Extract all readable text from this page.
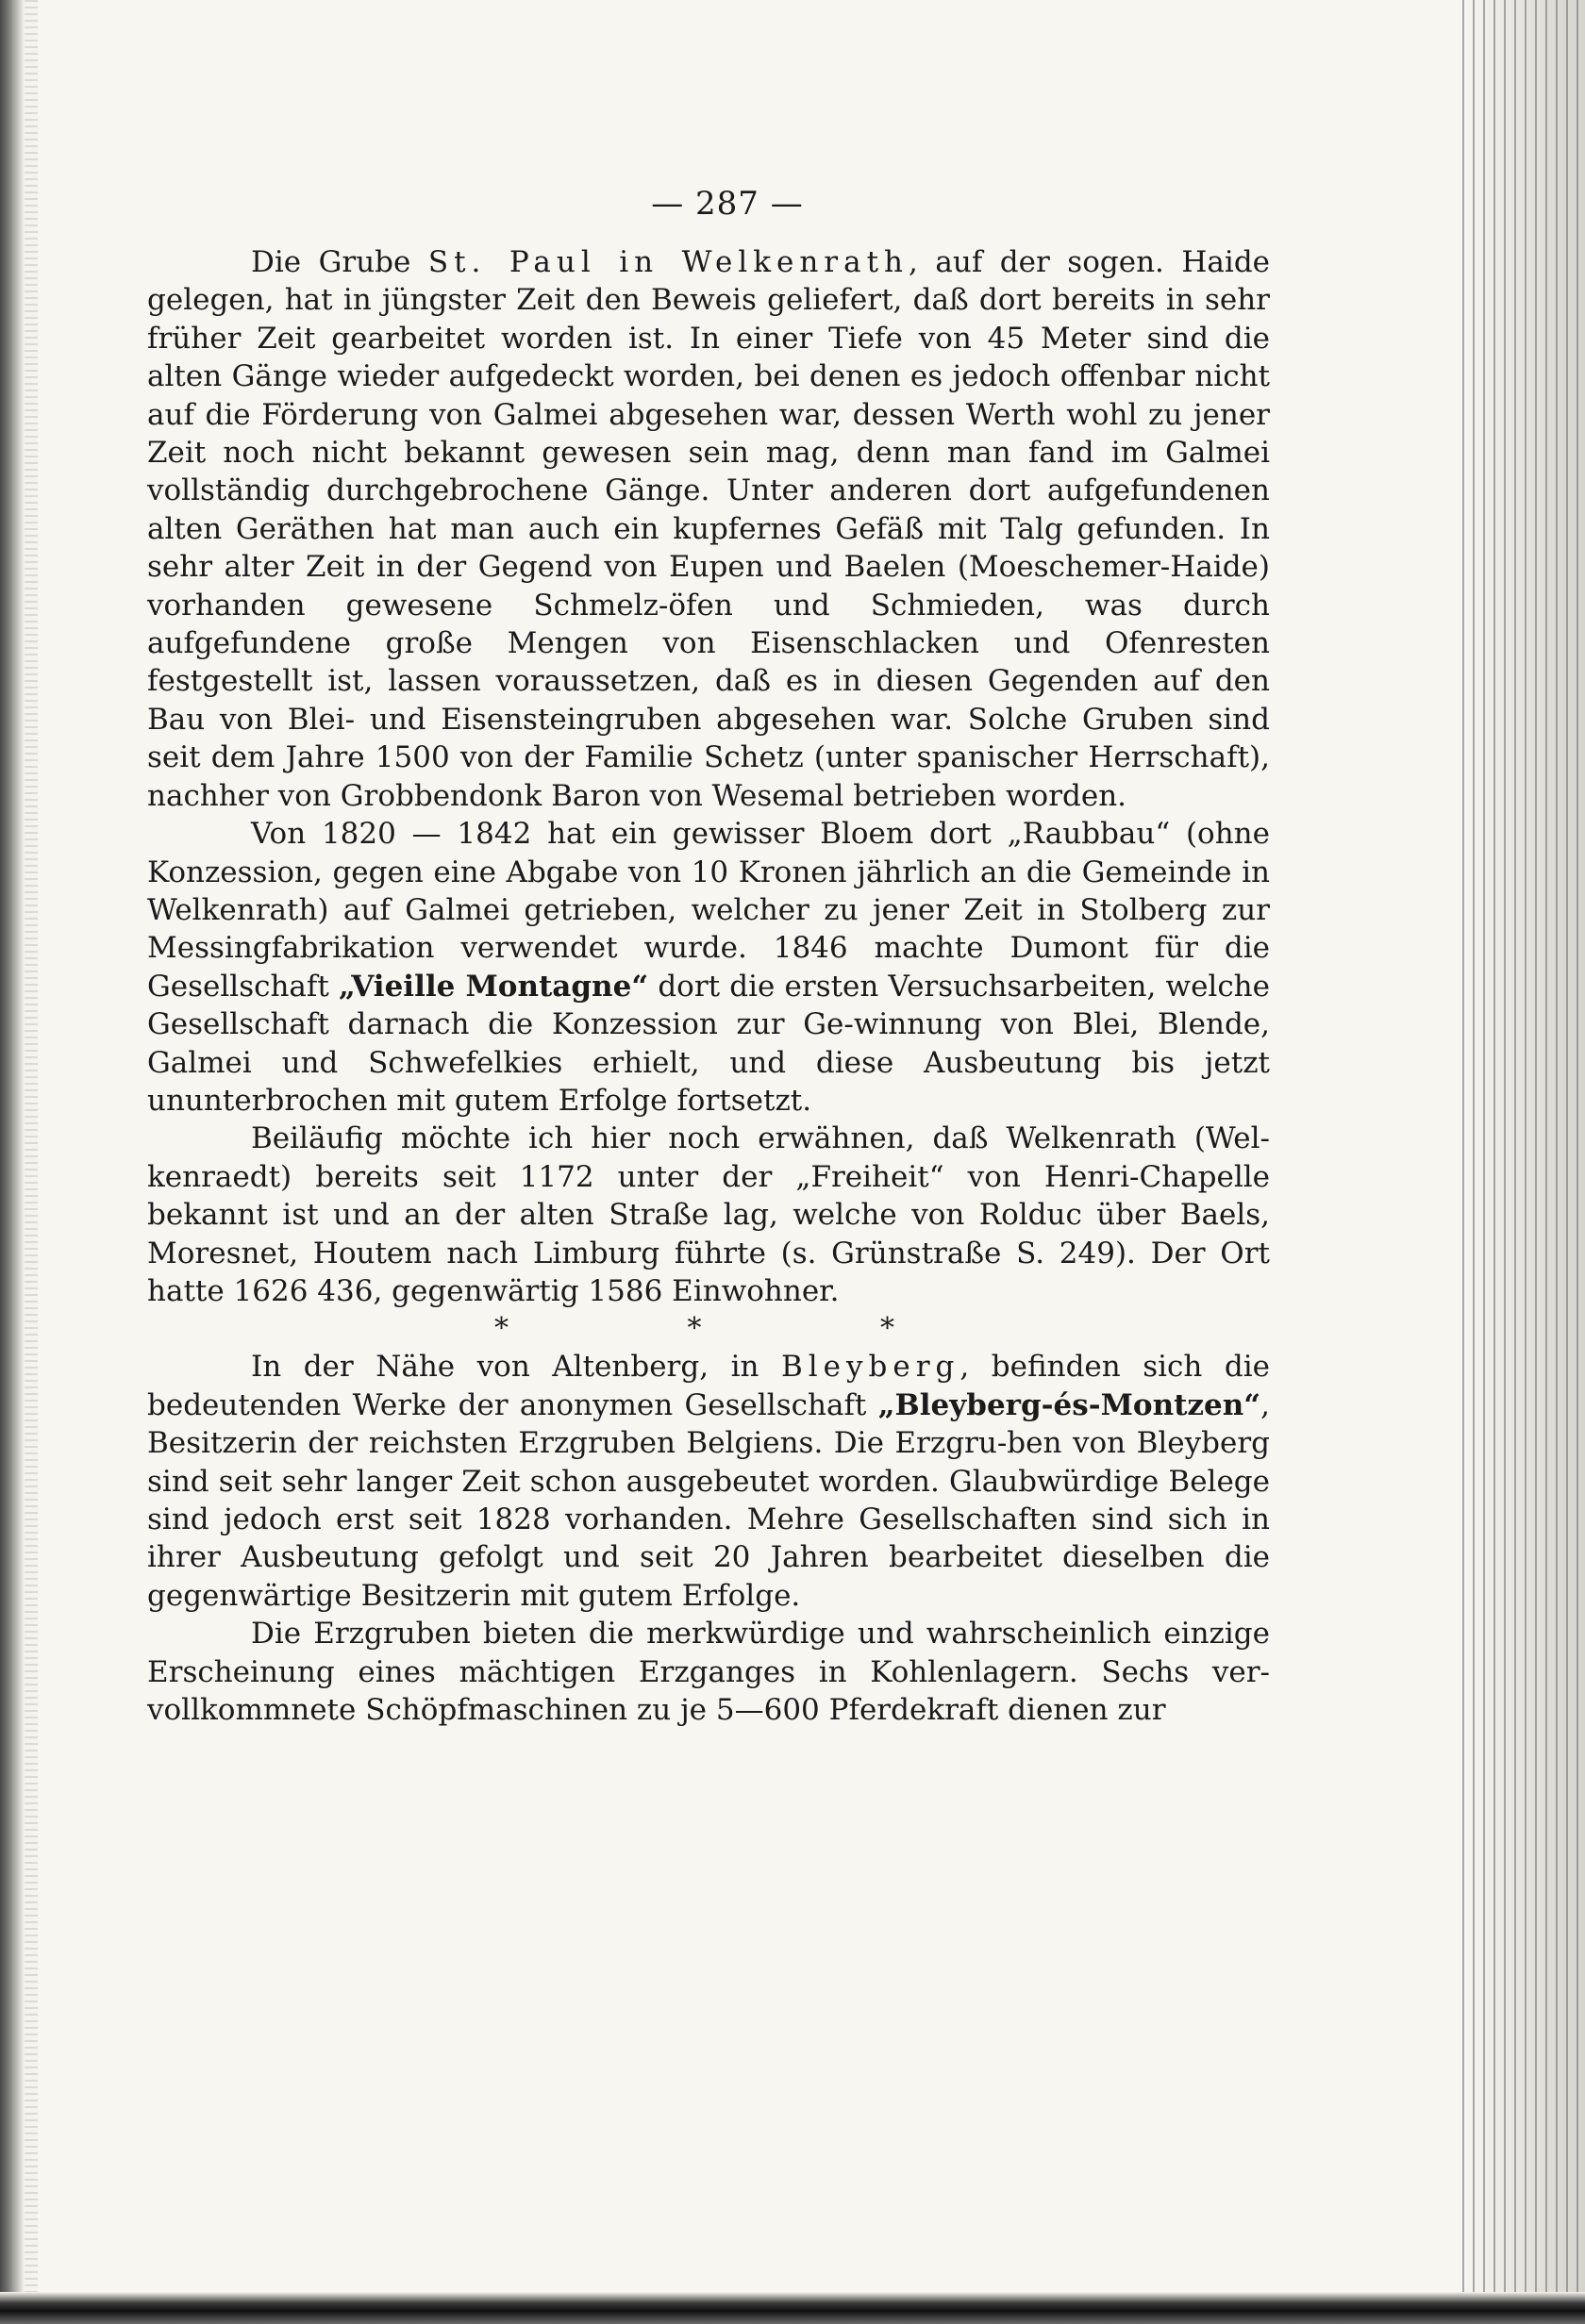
— 287 —

Die Grube St. Paul in Welkenrath, auf der sogen. Haide gelegen, hat in jüngster Zeit den Beweis geliefert, daß dort bereits in sehr früher Zeit gearbeitet worden ist. In einer Tiefe von 45 Meter sind die alten Gänge wieder aufgedeckt worden, bei denen es jedoch offenbar nicht auf die Förderung von Galmei abgesehen war, dessen Werth wohl zu jener Zeit noch nicht bekannt gewesen sein mag, denn man fand im Galmei vollständig durchgebrochene Gänge. Unter anderen dort aufgefundenen alten Geräthen hat man auch ein kupfernes Gefäß mit Talg gefunden. In sehr alter Zeit in der Gegend von Eupen und Baelen (Moeschemer-Haide) vorhanden gewesene Schmelz-öfen und Schmieden, was durch aufgefundene große Mengen von Eisenschlacken und Ofenresten festgestellt ist, lassen voraussetzen, daß es in diesen Gegenden auf den Bau von Blei- und Eisensteingruben abgesehen war. Solche Gruben sind seit dem Jahre 1500 von der Familie Schetz (unter spanischer Herrschaft), nachher von Grobbendonk Baron von Wesemal betrieben worden.

Von 1820 — 1842 hat ein gewisser Bloem dort „Raubbau“ (ohne Konzession, gegen eine Abgabe von 10 Kronen jährlich an die Gemeinde in Welkenrath) auf Galmei getrieben, welcher zu jener Zeit in Stolberg zur Messingfabrikation verwendet wurde. 1846 machte Dumont für die Gesellschaft „Vieille Montagne“ dort die ersten Versuchsarbeiten, welche Gesellschaft darnach die Konzession zur Ge-winnung von Blei, Blende, Galmei und Schwefelkies erhielt, und diese Ausbeutung bis jetzt ununterbrochen mit gutem Erfolge fortsetzt.

Beiläufig möchte ich hier noch erwähnen, daß Welkenrath (Wel-kenraedt) bereits seit 1172 unter der „Freiheit“ von Henri-Chapelle bekannt ist und an der alten Straße lag, welche von Rolduc über Baels, Moresnet, Houtem nach Limburg führte (s. Grünstraße S. 249). Der Ort hatte 1626 436, gegenwärtig 1586 Einwohner.

* * *

In der Nähe von Altenberg, in Bleyberg, befinden sich die bedeutenden Werke der anonymen Gesellschaft „Bleyberg-és-Montzen“, Besitzerin der reichsten Erzgruben Belgiens. Die Erzgru-ben von Bleyberg sind seit sehr langer Zeit schon ausgebeutet worden. Glaubwürdige Belege sind jedoch erst seit 1828 vorhanden. Mehre Gesellschaften sind sich in ihrer Ausbeutung gefolgt und seit 20 Jahren bearbeitet dieselben die gegenwärtige Besitzerin mit gutem Erfolge.

Die Erzgruben bieten die merkwürdige und wahrscheinlich einzige Erscheinung eines mächtigen Erzganges in Kohlenlagern. Sechs ver-vollkommnete Schöpfmaschinen zu je 5—600 Pferdekraft dienen zur
